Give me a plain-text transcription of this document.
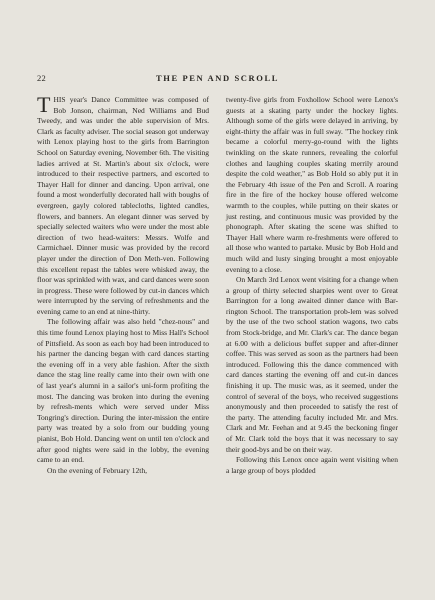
22	THE PEN AND SCROLL

THIS year's Dance Committee was composed of Bob Jonson, chairman, Ned Williams and Bud Tweedy, and was under the able supervision of Mrs. Clark as faculty adviser. The social season got underway with Lenox playing host to the girls from Barrington School on Saturday evening, November 6th. The visiting ladies arrived at St. Martin's about six o'clock, were introduced to their respective partners, and escorted to Thayer Hall for dinner and dancing. Upon arrival, one found a most wonderfully decorated hall with boughs of evergreen, gayly colored tablecloths, lighted candles, flowers, and banners. An elegant dinner was served by specially selected waiters who were under the most able direction of two head-waiters: Messrs. Wolfe and Carmichael. Dinner music was provided by the record player under the direction of Don Meth-ven. Following this excellent repast the tables were whisked away, the floor was sprinkled with wax, and card dances were soon in progress. These were followed by cut-in dances which were interrupted by the serving of refreshments and the evening came to an end at nine-thirty.

The following affair was also held "chez-nous" and this time found Lenox playing host to Miss Hall's School of Pittsfield. As soon as each boy had been introduced to his partner the dancing began with card dances starting the evening off in a very able fashion. After the sixth dance the stag line really came into their own with one of last year's alumni in a sailor's uni-form profiting the most. The dancing was broken into during the evening by refresh-ments which were served under Miss Tongring's direction. During the inter-mission the entire party was treated by a solo from our budding young pianist, Bob Hold. Dancing went on until ten o'clock and after good nights were said in the lobby, the evening came to an end.

On the evening of February 12th,

twenty-five girls from Foxhollow School were Lenox's guests at a skating party under the hockey lights. Although some of the girls were delayed in arriving, by eight-thirty the affair was in full sway. "The hockey rink became a colorful merry-go-round with the lights twinkling on the skate runners, revealing the colorful clothes and laughing couples skating merrily around despite the cold weather," as Bob Hold so ably put it in the February 4th issue of the Pen and Scroll. A roaring fire in the fire of the hockey house offered welcome warmth to the couples, while putting on their skates or just resting, and continuous music was provided by the phonograph. After skating the scene was shifted to Thayer Hall where warm re-freshments were offered to all those who wanted to partake. Music by Bob Hold and much wild and lusty singing brought a most enjoyable evening to a close.

On March 3rd Lenox went visiting for a change when a group of thirty selected sharpies went over to Great Barrington for a long awaited dinner dance with Bar-rington School. The transportation prob-lem was solved by the use of the two school station wagons, two cabs from Stock-bridge, and Mr. Clark's car. The dance began at 6.00 with a delicious buffet supper and after-dinner coffee. This was served as soon as the partners had been introduced. Following this the dance commenced with card dances starting the evening off and cut-in dances finishing it up. The music was, as it seemed, under the control of several of the boys, who received suggestions anonymously and then proceeded to satisfy the rest of the party. The attending faculty included Mr. and Mrs. Clark and Mr. Feehan and at 9.45 the beckoning finger of Mr. Clark told the boys that it was necessary to say their good-bys and be on their way.

Following this Lenox once again went visiting when a large group of boys plodded
